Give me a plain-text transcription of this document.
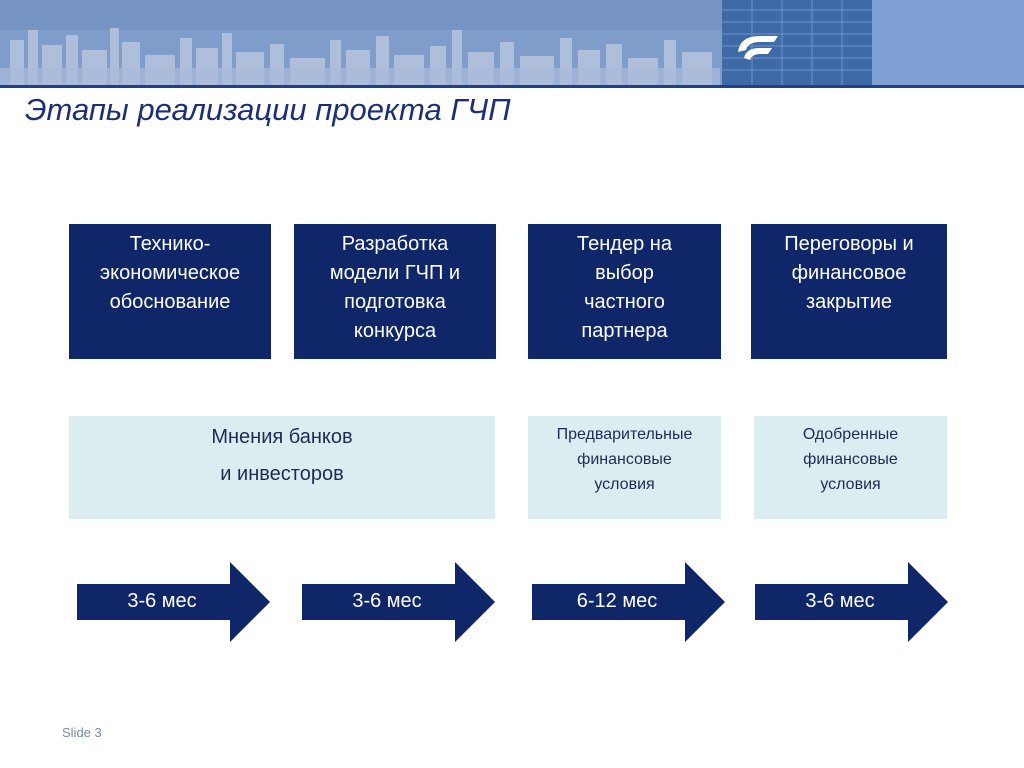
Этапы реализации проекта ГЧП
Технико-
экономическое
обоснование
Разработка
модели ГЧП и
подготовка
конкурса
Тендер на
выбор
частного
партнера
Переговоры и
финансовое
закрытие
Мнения банков
и инвесторов
Предварительные
финансовые
условия
Одобренные
финансовые
условия
3-6 мес	3-6 мес	6-12 мес	3-6 мес
Slide 3
